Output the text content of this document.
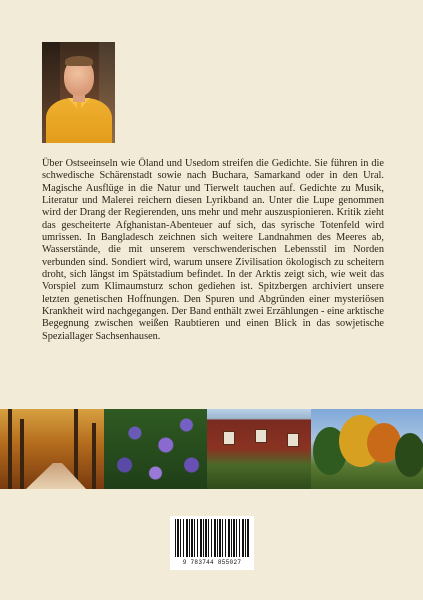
Über Ostseeinseln wie Öland und Usedom streifen die Gedichte. Sie führen in die schwedische Schärenstadt sowie nach Buchara, Samarkand oder in den Ural. Magische Ausflüge in die Natur und Tierwelt tauchen auf. Gedichte zu Musik, Literatur und Malerei reichern diesen Lyrikband an. Unter die Lupe genommen wird der Drang der Regierenden, uns mehr und mehr auszuspionieren. Kritik zieht das gescheiterte Afghanistan-Abenteuer auf sich, das syrische Totenfeld wird umrissen. In Bangladesch zeichnen sich weitere Landnahmen des Meeres ab, Wasserstände, die mit unserem verschwenderischen Lebensstil im Norden verbunden sind. Sondiert wird, warum unsere Zivilisation ökologisch zu scheitern droht, sich längst im Spätstadium befindet. In der Arktis zeigt sich, wie weit das Vorspiel zum Klimaumsturz schon gediehen ist. Spitzbergen archiviert unsere letzten genetischen Hoffnungen. Den Spuren und Abgründen einer mysteriösen Krankheit wird nachgegangen. Der Band enthält zwei Erzählungen - eine arktische Begegnung zwischen weißen Raubtieren und einen Blick in das sowjetische Speziallager Sachsenhausen.

9 783744 855027
